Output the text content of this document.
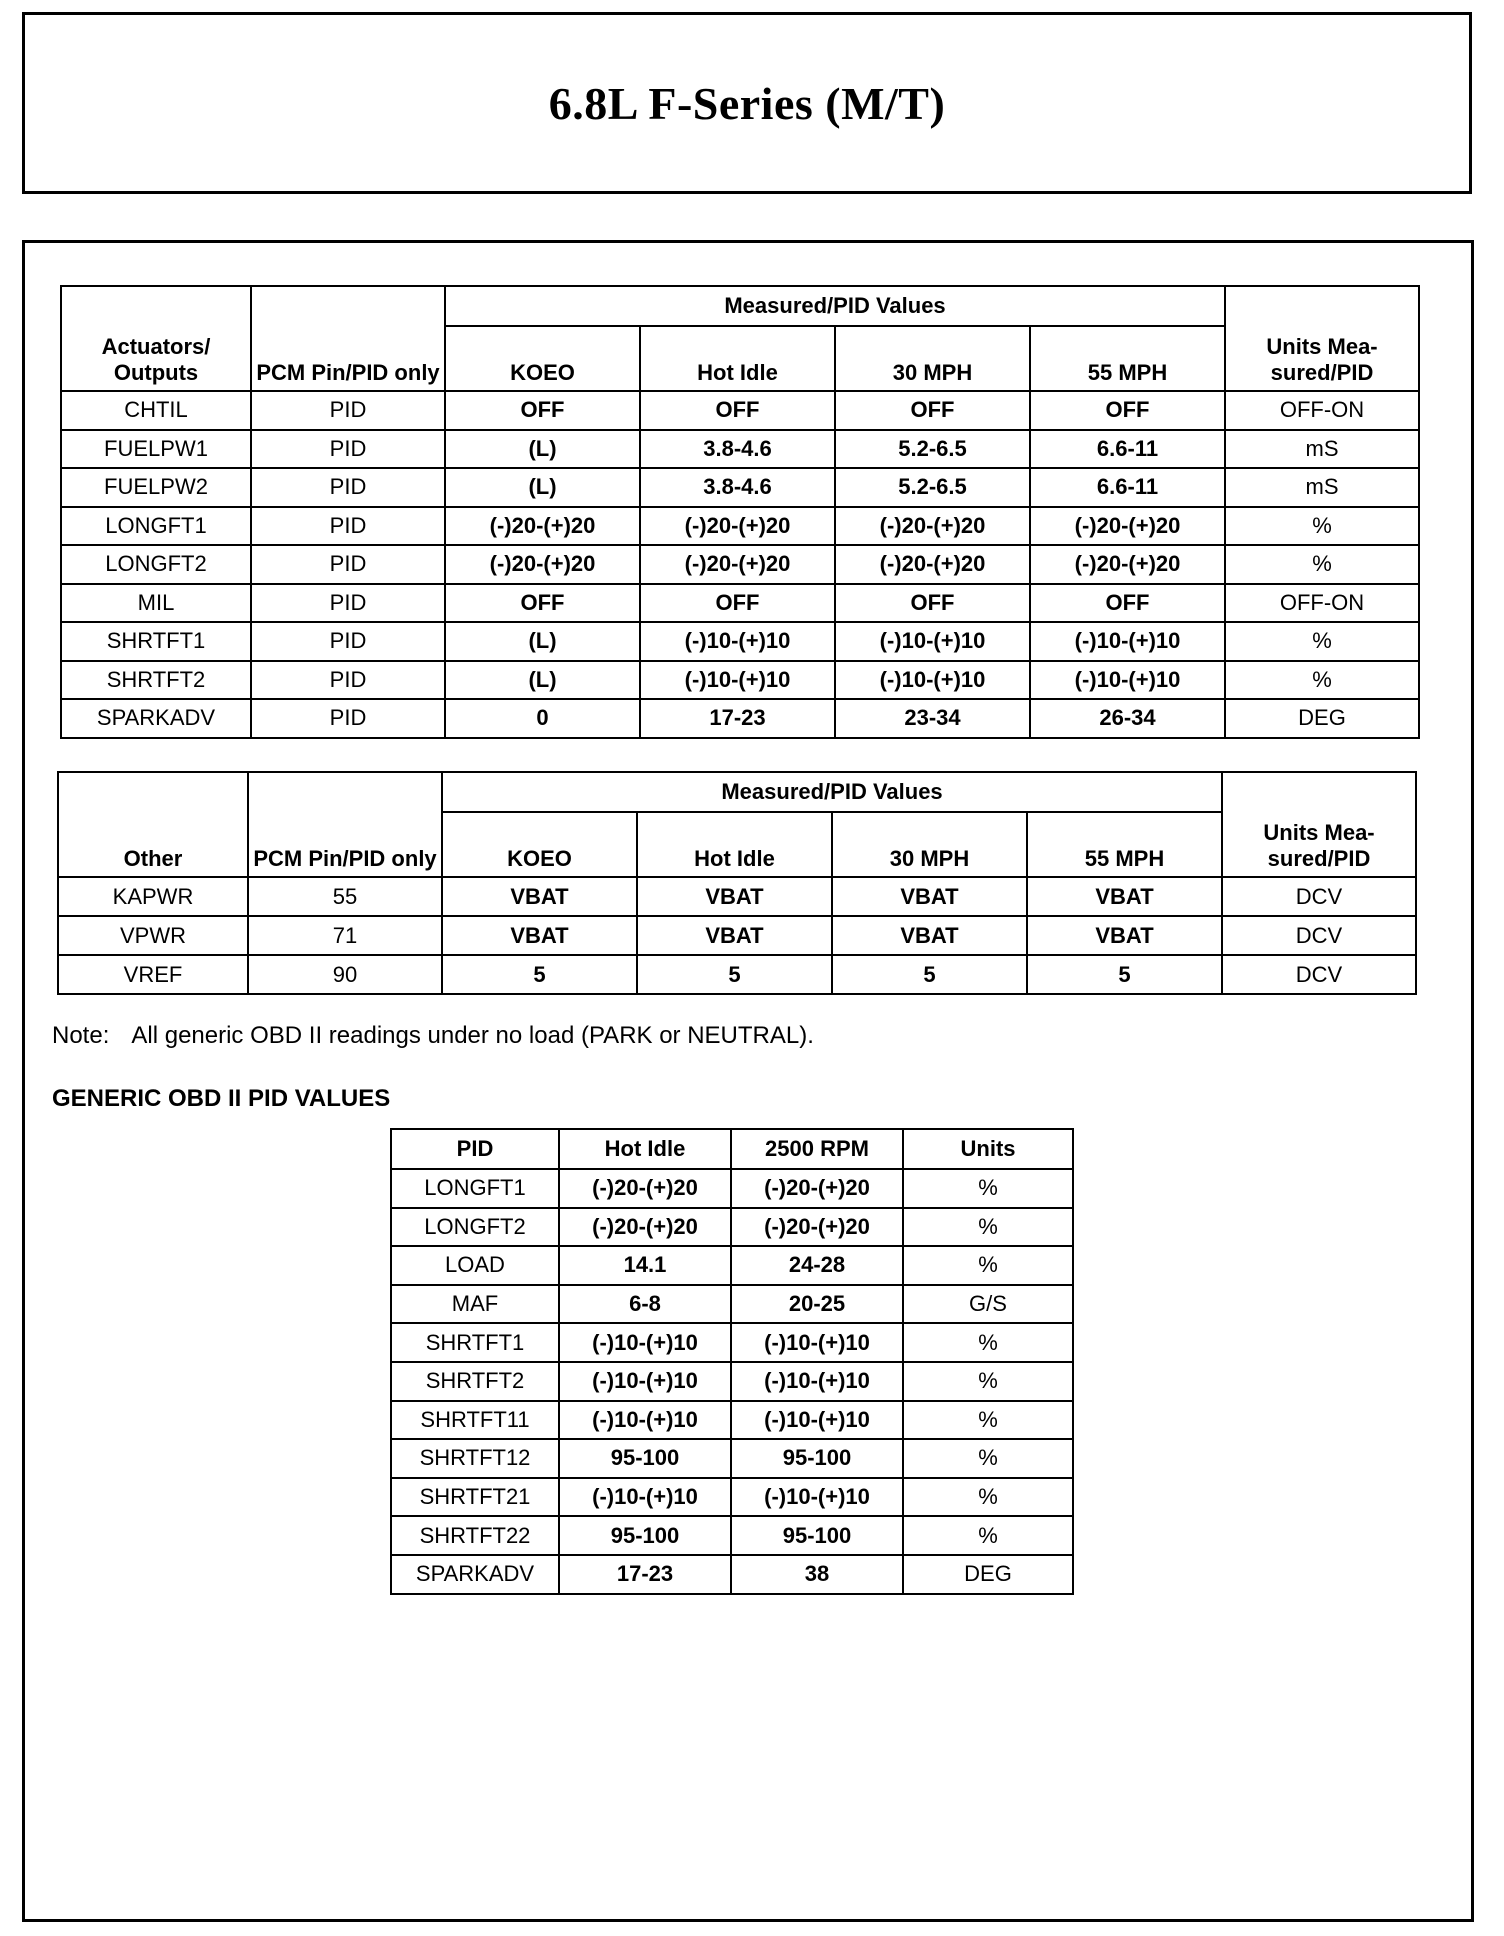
6.8L F-Series (M/T)
Actuators/ Outputs	PCM Pin/PID only	Measured/PID Values				Units Mea-sured/PID
		KOEO	Hot Idle	30 MPH	55 MPH	
CHTIL	PID	OFF	OFF	OFF	OFF	OFF-ON
FUELPW1	PID	(L)	3.8-4.6	5.2-6.5	6.6-11	mS
FUELPW2	PID	(L)	3.8-4.6	5.2-6.5	6.6-11	mS
LONGFT1	PID	(-)20-(+)20	(-)20-(+)20	(-)20-(+)20	(-)20-(+)20	%
LONGFT2	PID	(-)20-(+)20	(-)20-(+)20	(-)20-(+)20	(-)20-(+)20	%
MIL	PID	OFF	OFF	OFF	OFF	OFF-ON
SHRTFT1	PID	(L)	(-)10-(+)10	(-)10-(+)10	(-)10-(+)10	%
SHRTFT2	PID	(L)	(-)10-(+)10	(-)10-(+)10	(-)10-(+)10	%
SPARKADV	PID	0	17-23	23-34	26-34	DEG
Other	PCM Pin/PID only	Measured/PID Values				Units Mea-sured/PID
		KOEO	Hot Idle	30 MPH	55 MPH	
KAPWR	55	VBAT	VBAT	VBAT	VBAT	DCV
VPWR	71	VBAT	VBAT	VBAT	VBAT	DCV
VREF	90	5	5	5	5	DCV
Note: All generic OBD II readings under no load (PARK or NEUTRAL).
GENERIC OBD II PID VALUES
PID	Hot Idle	2500 RPM	Units
LONGFT1	(-)20-(+)20	(-)20-(+)20	%
LONGFT2	(-)20-(+)20	(-)20-(+)20	%
LOAD	14.1	24-28	%
MAF	6-8	20-25	G/S
SHRTFT1	(-)10-(+)10	(-)10-(+)10	%
SHRTFT2	(-)10-(+)10	(-)10-(+)10	%
SHRTFT11	(-)10-(+)10	(-)10-(+)10	%
SHRTFT12	95-100	95-100	%
SHRTFT21	(-)10-(+)10	(-)10-(+)10	%
SHRTFT22	95-100	95-100	%
SPARKADV	17-23	38	DEG
